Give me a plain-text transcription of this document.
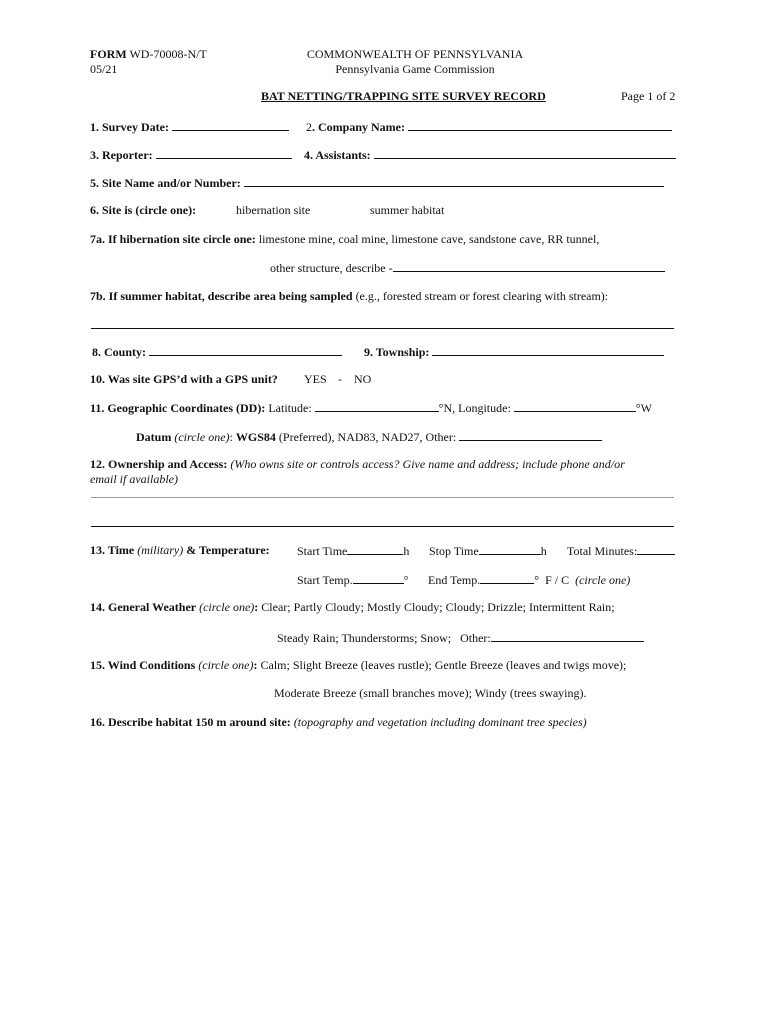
FORM WD-70008-N/T
05/21
COMMONWEALTH OF PENNSYLVANIA
Pennsylvania Game Commission
BAT NETTING/TRAPPING SITE SURVEY RECORD	Page 1 of 2
1. Survey Date:	2. Company Name:
3. Reporter:	4. Assistants:
5. Site Name and/or Number:
6. Site is (circle one):	hibernation site	summer habitat
7a. If hibernation site circle one: limestone mine, coal mine, limestone cave, sandstone cave, RR tunnel,
other structure, describe -
7b. If summer habitat, describe area being sampled (e.g., forested stream or forest clearing with stream):
8. County:	9. Township:
10. Was site GPS’d with a GPS unit? YES - NO
11. Geographic Coordinates (DD): Latitude:	°N, Longitude:	°W
Datum (circle one): WGS84 (Preferred), NAD83, NAD27, Other:
12. Ownership and Access: (Who owns site or controls access? Give name and address; include phone and/or
email if available)
13. Time (military) & Temperature: Start Time	h Stop Time	h Total Minutes:
Start Temp.	° End Temp.	° F / C (circle one)
14. General Weather (circle one): Clear; Partly Cloudy; Mostly Cloudy; Cloudy; Drizzle; Intermittent Rain;
Steady Rain; Thunderstorms; Snow; Other:
15. Wind Conditions (circle one): Calm; Slight Breeze (leaves rustle); Gentle Breeze (leaves and twigs move);
Moderate Breeze (small branches move); Windy (trees swaying).
16. Describe habitat 150 m around site: (topography and vegetation including dominant tree species)
